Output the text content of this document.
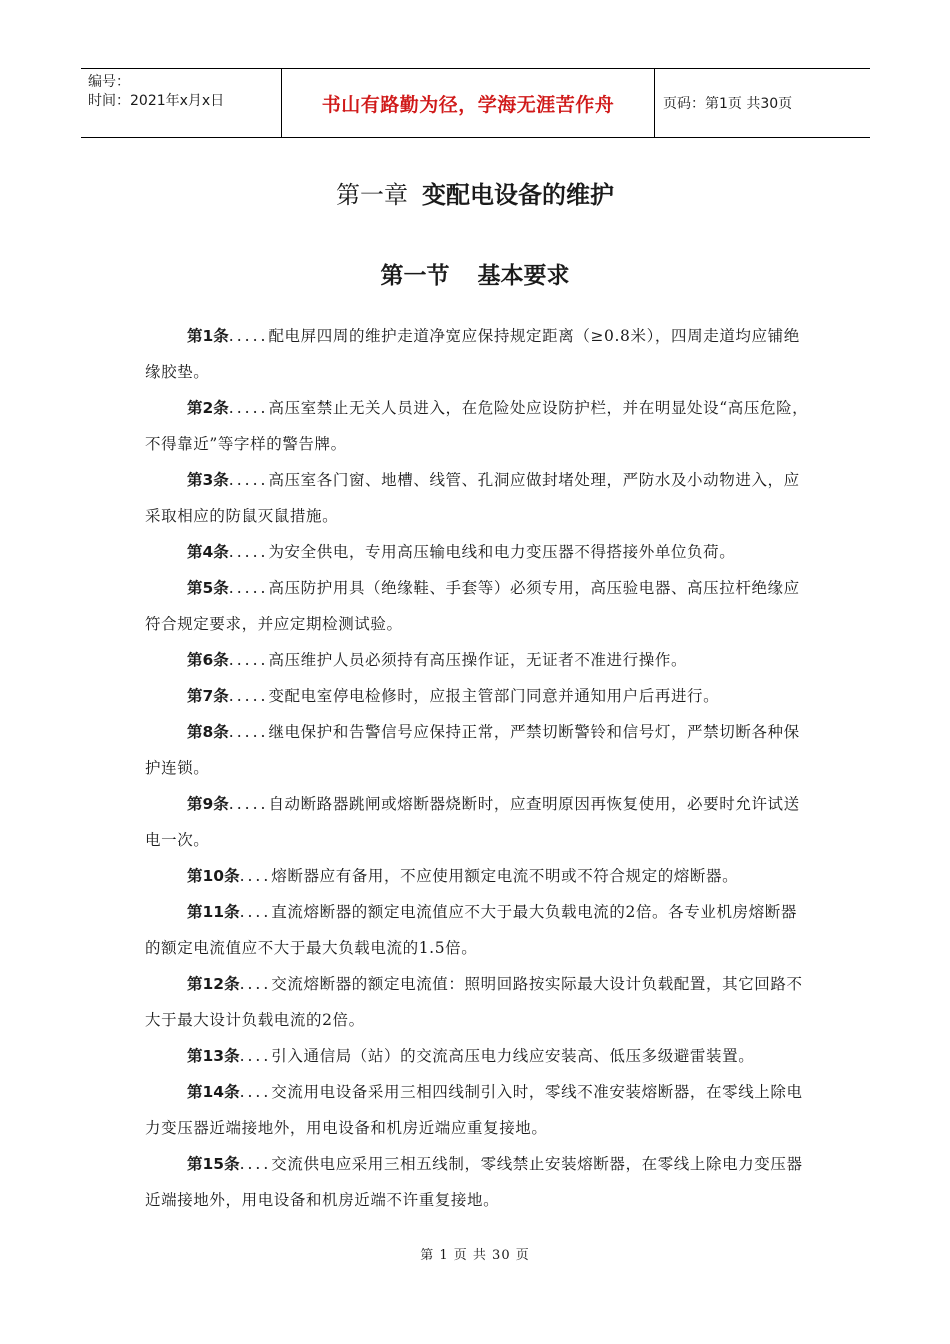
编号：
时间：2021年x月x日	书山有路勤为径，学海无涯苦作舟	页码：第1页 共30页
第一章 变配电设备的维护
第一节 基本要求

第1条.....配电屏四周的维护走道净宽应保持规定距离（≥0.8米），四周走道均应铺绝缘胶垫。

第2条.....高压室禁止无关人员进入，在危险处应设防护栏，并在明显处设“高压危险，不得靠近”等字样的警告牌。

第3条.....高压室各门窗、地槽、线管、孔洞应做封堵处理，严防水及小动物进入，应采取相应的防鼠灭鼠措施。

第4条.....为安全供电，专用高压输电线和电力变压器不得搭接外单位负荷。

第5条.....高压防护用具（绝缘鞋、手套等）必须专用，高压验电器、高压拉杆绝缘应符合规定要求，并应定期检测试验。

第6条.....高压维护人员必须持有高压操作证，无证者不准进行操作。

第7条.....变配电室停电检修时，应报主管部门同意并通知用户后再进行。

第8条.....继电保护和告警信号应保持正常，严禁切断警铃和信号灯，严禁切断各种保护连锁。

第9条.....自动断路器跳闸或熔断器烧断时，应查明原因再恢复使用，必要时允许试送电一次。

第10条....熔断器应有备用，不应使用额定电流不明或不符合规定的熔断器。

第11条....直流熔断器的额定电流值应不大于最大负载电流的2倍。各专业机房熔断器的额定电流值应不大于最大负载电流的1.5倍。

第12条....交流熔断器的额定电流值：照明回路按实际最大设计负载配置，其它回路不大于最大设计负载电流的2倍。

第13条....引入通信局（站）的交流高压电力线应安装高、低压多级避雷装置。

第14条....交流用电设备采用三相四线制引入时，零线不准安装熔断器，在零线上除电力变压器近端接地外，用电设备和机房近端应重复接地。

第15条....交流供电应采用三相五线制，零线禁止安装熔断器，在零线上除电力变压器近端接地外，用电设备和机房近端不许重复接地。

第 1 页 共 30 页
